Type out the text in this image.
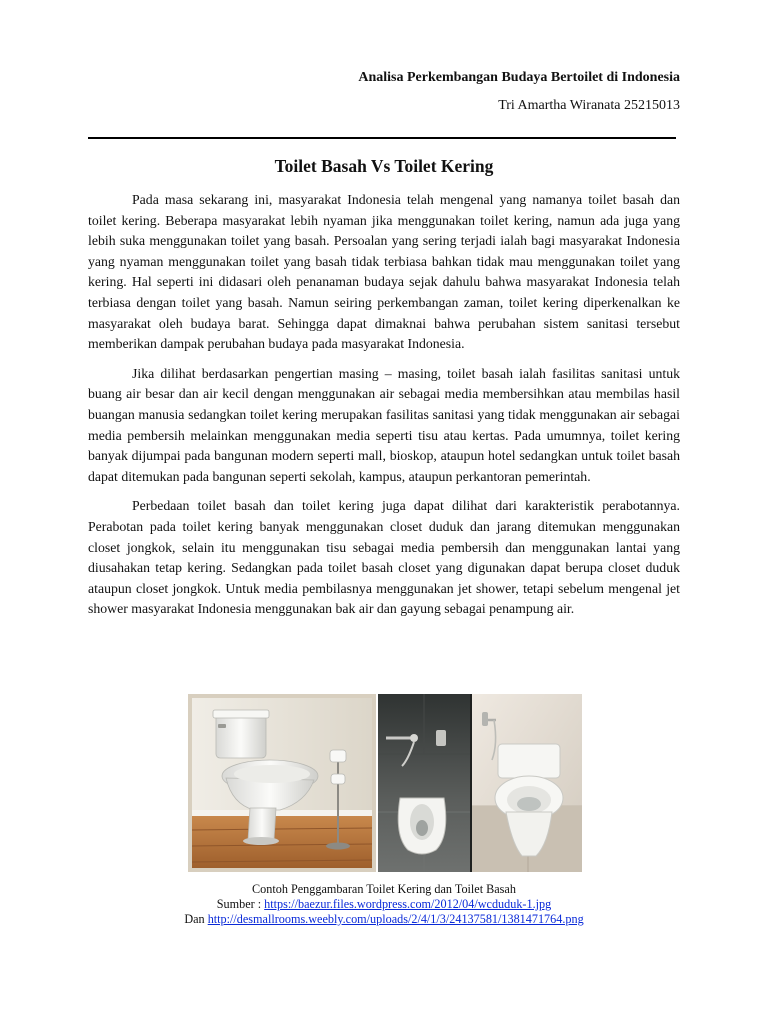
Analisa Perkembangan Budaya Bertoilet di Indonesia
Tri Amartha Wiranata 25215013
Toilet Basah Vs Toilet Kering

Pada masa sekarang ini, masyarakat Indonesia telah mengenal yang namanya toilet basah dan toilet kering. Beberapa masyarakat lebih nyaman jika menggunakan toilet kering, namun ada juga yang lebih suka menggunakan toilet yang basah. Persoalan yang sering terjadi ialah bagi masyarakat Indonesia yang nyaman menggunakan toilet yang basah tidak terbiasa bahkan tidak mau menggunakan toilet yang kering. Hal seperti ini didasari oleh penanaman budaya sejak dahulu bahwa masyarakat Indonesia telah terbiasa dengan toilet yang basah. Namun seiring perkembangan zaman, toilet kering diperkenalkan ke masyarakat oleh budaya barat. Sehingga dapat dimaknai bahwa perubahan sistem sanitasi tersebut memberikan dampak perubahan budaya pada masyarakat Indonesia.

Jika dilihat berdasarkan pengertian masing – masing, toilet basah ialah fasilitas sanitasi untuk buang air besar dan air kecil dengan menggunakan air sebagai media membersihkan atau membilas hasil buangan manusia sedangkan toilet kering merupakan fasilitas sanitasi yang tidak menggunakan air sebagai media pembersih melainkan menggunakan media seperti tisu atau kertas. Pada umumnya, toilet kering banyak dijumpai pada bangunan modern seperti mall, bioskop, ataupun hotel sedangkan untuk toilet basah dapat ditemukan pada bangunan seperti sekolah, kampus, ataupun perkantoran pemerintah.

Perbedaan toilet basah dan toilet kering juga dapat dilihat dari karakteristik perabotannya. Perabotan pada toilet kering banyak menggunakan closet duduk dan jarang ditemukan menggunakan closet jongkok, selain itu menggunakan tisu sebagai media pembersih dan menggunakan lantai yang diusahakan tetap kering. Sedangkan pada toilet basah closet yang digunakan dapat berupa closet duduk ataupun closet jongkok. Untuk media pembilasnya menggunakan jet shower, tetapi sebelum mengenal jet shower masyarakat Indonesia menggunakan bak air dan gayung sebagai penampung air.

Contoh Penggambaran Toilet Kering dan Toilet Basah
Sumber : https://baezur.files.wordpress.com/2012/04/wcduduk-1.jpg
Dan http://desmallrooms.weebly.com/uploads/2/4/1/3/24137581/1381471764.png
